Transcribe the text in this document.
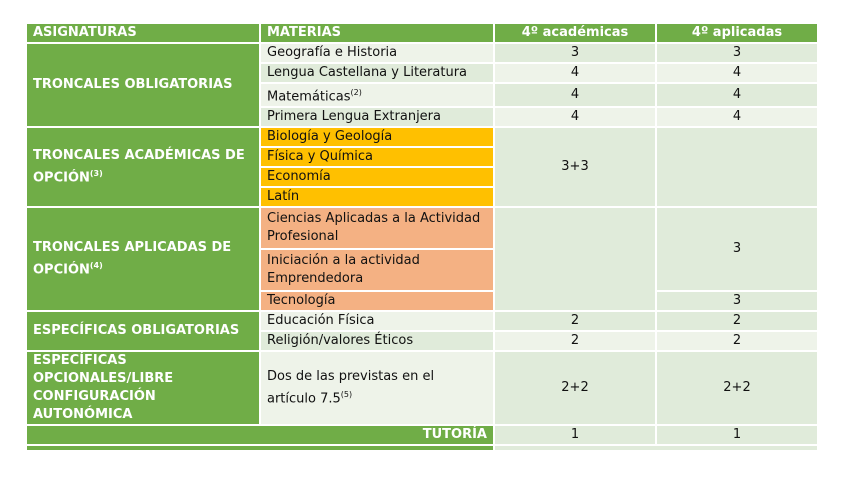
ASIGNATURAS	MATERIAS	4º académicas	4º aplicadas
TRONCALES OBLIGATORIAS	Geografía e Historia	3	3
	Lengua Castellana y Literatura	4	4
	Matemáticas$^{(2)}$	4	4
	Primera Lengua Extranjera	4	4
TRONCALES ACADÉMICAS DE OPCIÓN$^{(3)}$	Biología y Geología	3+3	
	Física y Química		
	Economía		
	Latín		
TRONCALES APLICADAS DE OPCIÓN$^{(4)}$	Ciencias Aplicadas a la Actividad Profesional		3
	Iniciación a la actividad Emprendedora		
	Tecnología		3
ESPECÍFICAS OBLIGATORIAS	Educación Física	2	2
	Religión/valores Éticos	2	2
ESPECÍFICAS OPCIONALES/LIBRE CONFIGURACIÓN AUTONÓMICA	Dos de las previstas en el artículo 7.5$^{(5)}$	2+2	2+2
TUTORÍA		1	1
